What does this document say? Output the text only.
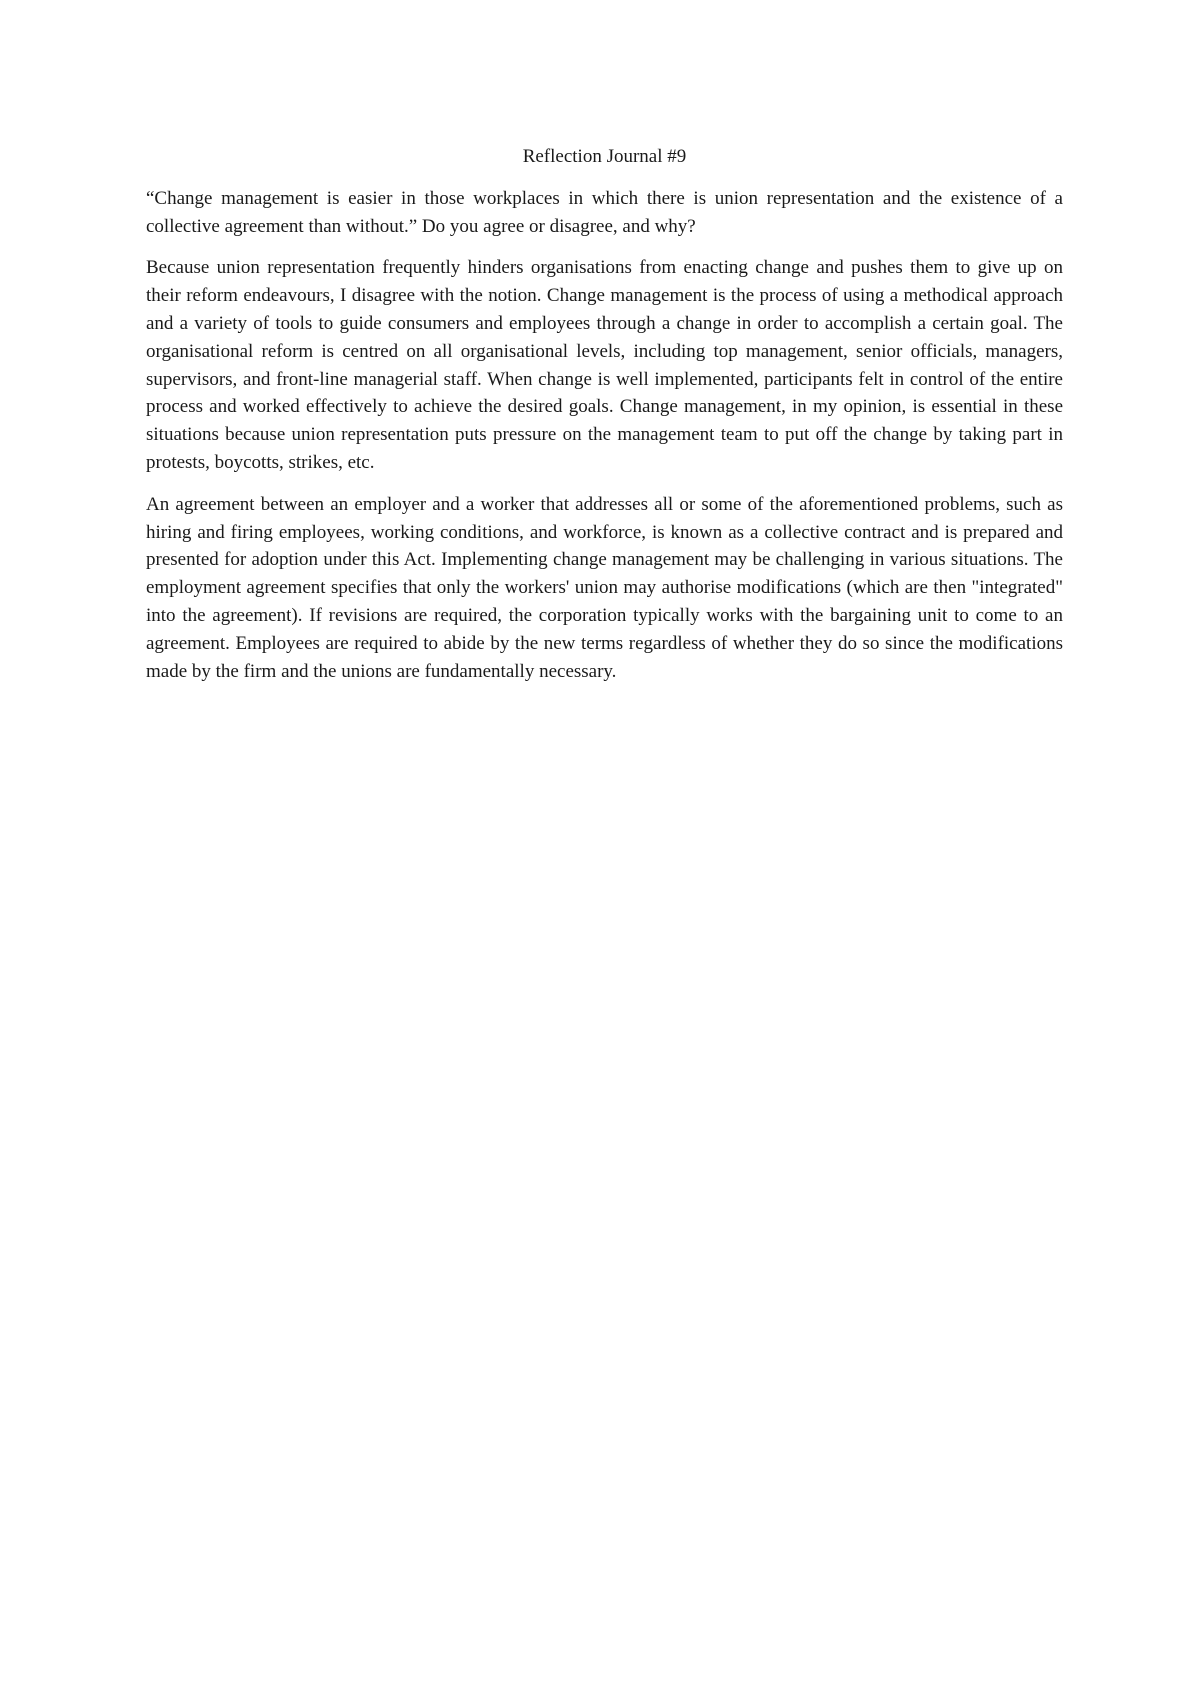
Reflection Journal #9

“Change management is easier in those workplaces in which there is union representation and the existence of a collective agreement than without.” Do you agree or disagree, and why?

Because union representation frequently hinders organisations from enacting change and pushes them to give up on their reform endeavours, I disagree with the notion. Change management is the process of using a methodical approach and a variety of tools to guide consumers and employees through a change in order to accomplish a certain goal. The organisational reform is centred on all organisational levels, including top management, senior officials, managers, supervisors, and front-line managerial staff. When change is well implemented, participants felt in control of the entire process and worked effectively to achieve the desired goals. Change management, in my opinion, is essential in these situations because union representation puts pressure on the management team to put off the change by taking part in protests, boycotts, strikes, etc.

An agreement between an employer and a worker that addresses all or some of the aforementioned problems, such as hiring and firing employees, working conditions, and workforce, is known as a collective contract and is prepared and presented for adoption under this Act. Implementing change management may be challenging in various situations. The employment agreement specifies that only the workers' union may authorise modifications (which are then "integrated" into the agreement). If revisions are required, the corporation typically works with the bargaining unit to come to an agreement. Employees are required to abide by the new terms regardless of whether they do so since the modifications made by the firm and the unions are fundamentally necessary.
